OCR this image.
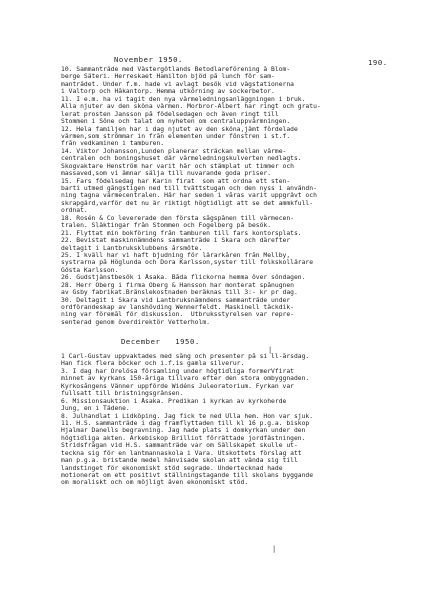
November 1950.	190.
10. Sammanträde med Västergötlands Betodlareförening å Blom-
berge Säteri. Herreskaet Hamilton bjöd på lunch för sam-
manträdet. Under f.m. hade vi avlagt besök vid vägstationerna
i Valtorp och Håkantorp. Hemma utkörning av sockerbetor.
11. I e.m. ha vi tagit den nya värmeledningsanläggningen i bruk.
Alla njuter av den sköna värmen. Morbror-Albert har ringt och gratu-
lerat prosten Jansson på födelsedagen och även ringt till
Stommen i Söne och talat om nyheten om centraluppvärmningen.
12. Hela familjen har i dag njutet av den sköna,jämt fördelade
värmen,som strömmar in från elementen under fönstren i st.f.
från vedkaminen i tamburen.
14. Viktor Johansson,Lunden planerar sträckan mellan värme-
centralen och boningshuset där värmeledningskulverten nedlagts.
Skogvaktare Henström har varit här och stämplat ut timmer och
massaved,som vi ämnar sälja till nuvarande goda priser.
15. Fars födelsedag har Karin firat  som att ordna ett sten-
barti utmed gångstigen ned till tvättstugan och den nyss i användn-
ning tagna värmecentralen. Här har seden i våras varit uppgrävt och
skrapgärd,varför det nu är riktigt högtidligt att se det ammkfull-
ordnat.
18. Rosén & Co levererade den första sågspånen till värmecen-
tralen. Släktingar från Stommen och Fogelberg på besök.
21. Flyttat min bokföring från tamburen till fars kontorsplats.
22. Bevistat maskinnämndens sammanträde i Skara och därefter
deltagit i Lantbruksklubbens årsmöte.
25. I kväll har vi haft bjudning för lärarkåren från Mellby,
systrarna på Höglunda och Dora Karlsson,syster till folkskollärare
Gösta Karlsson.
26. Gudstjänstbesök i Åsaka. Båda flickorna hemma över söndagen.
28. Herr Öberg i firma Öberg & Hansson har monterat spånugnen
av Gsby fabrikat.Bränslekostnaden beräknas till 3:- kr pr dag.
30. Deltagit i Skara vid Lantbruksnämndens sammanträde under
ordförandeskap av lanshövding Wennerfeldt. Maskinell täckdik-
ning var föremål för diskussion.  Utbruksstyrelsen var repre-
senterad genom överdirektör Vetterholm.
December   1950.
|
1 Carl-Gustav uppvaktades med sång och presenter på si ll-årsdag.
Han fick flera böcker och i.f.is gamla silverur.
3. I dag har Örelösa församling under högtidliga formerVfirat
minnet av kyrkans 150-åriga tillvaro efter den stora ombyggnaden.
Kyrkosångens Vänner uppförde Widéns Juleoratorium. Fyrkan var
fullsatt till bristningsgränsen.
6. Missionsauktion i Åsaka. Predikan i kyrkan av kyrkoherde
Jung, en i Tädene.
8. Julhandlat i Lidköping. Jag fick te ned Ulla hem. Hon var sjuk.
11. H.S. sammanträde i dag framflyttaden till kl 16 p.g.a. biskop
Hjalmar Danells begravning. Jag hade plats i domkyrkan under den
högtidliga akten. Ärkebiskop Brilliot förrättade jordfästningen.
Stridsfrågan vid H.S. sammanträde var om Sällskapet skulle ut-
teckna sig för en lantmannaskola i Vara. Utskottets förslag att
man p.g.a. bristande medel hänvisade skolan att vända sig till
landstinget för ekonomiskt stöd segrade. Undertecknad hade
motionerat om ett positivt ställningstagande till skolans byggande
om moraliskt och om möjligt även ekonomiskt stöd.
|
